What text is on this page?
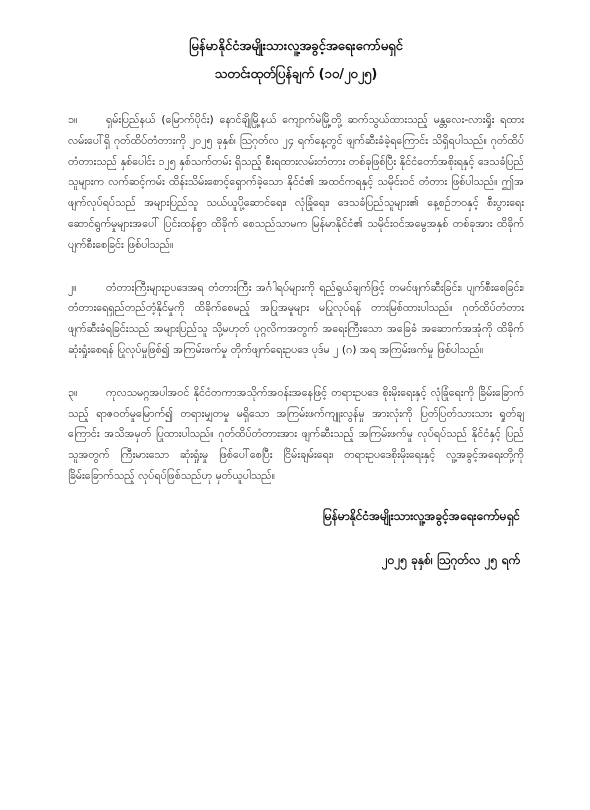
မြန်မာနိုင်ငံအမျိုးသားလူ့အခွင့်အရေးကော်မရှင်
သတင်းထုတ်ပြန်ချက် (၁၀/၂၀၂၅)
၁။	ရှမ်းပြည်နယ် (မြောက်ပိုင်း) နောင်ချိုမြို့နယ် ကျောက်မဲမြို့တို့ ဆက်သွယ်ထားသည့် မန္တလေး-လားရှိုး ရထားလမ်းပေါ်ရှိ ဂုတ်ထိပ်တံတားကို ၂၀၂၅ ခုနှစ်၊ ဩဂုတ်လ ၂၄ ရက်နေ့တွင် ဖျက်ဆီးခံခဲ့ရကြောင်း သိရှိရပါသည်။ ဂုတ်ထိပ်တံတားသည် နှစ်ပေါင်း ၁၂၅ နှစ်သက်တမ်း ရှိသည့် စီးရထားလမ်းတံတား တစ်ခုဖြစ်ပြီး နိုင်ငံတော်အစိုးရနှင့် ဒေသခံပြည်သူများက လက်ဆင့်ကမ်း ထိန်းသိမ်းစောင့်ရှောက်ခဲ့သော နိုင်ငံ၏ အထင်ကရနှင့် သမိုင်းဝင် တံတား ဖြစ်ပါသည်။ ဤအဖျက်လုပ်ရပ်သည် အများပြည်သူ သယ်ယူပို့ဆောင်ရေး၊ လုံခြုံရေး၊ ဒေသခံပြည်သူများ၏ နေ့စဉ်ဘဝနှင့် စီးပွားရေး ဆောင်ရွက်မှုများအပေါ် ပြင်းထန်စွာ ထိခိုက် စေသည်သာမက မြန်မာနိုင်ငံ၏ သမိုင်းဝင်အမွေအနှစ် တစ်ခုအား ထိခိုက်ပျက်စီးစေခြင်း ဖြစ်ပါသည်။
၂။	တံတားကြီးများဥပဒေအရ တံတားကြီး အင်္ဂါရပ်များကို ရည်ရွယ်ချက်ဖြင့် တမင်ဖျက်ဆီးခြင်း၊ ပျက်စီးစေခြင်း၊ တံတားရေရှည်တည်တံ့နိုင်မှုကို ထိခိုက်စေမည့် အပြုအမူများ မပြုလုပ်ရန် တားမြစ်ထားပါသည်။ ဂုတ်ထိပ်တံတား ဖျက်ဆီးခံရခြင်းသည် အများပြည်သူ သို့မဟုတ် ပုဂ္ဂလိကအတွက် အရေးကြီးသော အခြေခံ အဆောက်အအုံကို ထိခိုက်ဆုံးရှုံးစေရန် ပြုလုပ်မှုဖြစ်၍ အကြမ်းဖက်မှု တိုက်ဖျက်ရေးဥပဒေ ပုဒ်မ ၂ (ဂ) အရ အကြမ်းဖက်မှု ဖြစ်ပါသည်။
၃။	ကုလသမဂ္ဂအပါအဝင် နိုင်ငံတကာအသိုက်အဝန်းအနေဖြင့် တရားဥပဒေ စိုးမိုးရေးနှင့် လုံခြုံရေးကို ခြိမ်းခြောက်သည့် ရာဇဝတ်မှုမြောက်၍ တရားမျှတမှု မရှိသော အကြမ်းဖက်ကျူးလွန်မှု အားလုံးကို ပြတ်ပြတ်သားသား ရှုတ်ချကြောင်း အသိအမှတ် ပြုထားပါသည်။ ဂုတ်ထိပ်တံတားအား ဖျက်ဆီးသည့် အကြမ်းဖက်မှု လုပ်ရပ်သည် နိုင်ငံနှင့် ပြည်သူအတွက် ကြီးမားသော ဆုံးရှုံးမှု ဖြစ်ပေါ်စေပြီး ငြိမ်းချမ်းရေး၊ တရားဥပဒေစိုးမိုးရေးနှင့် လူ့အခွင့်အရေးတို့ကို ခြိမ်းခြောက်သည့် လုပ်ရပ်ဖြစ်သည်ဟု မှတ်ယူပါသည်။
မြန်မာနိုင်ငံအမျိုးသားလူ့အခွင့်အရေးကော်မရှင်
၂၀၂၅ ခုနှစ်၊ ဩဂုတ်လ ၂၅ ရက်
